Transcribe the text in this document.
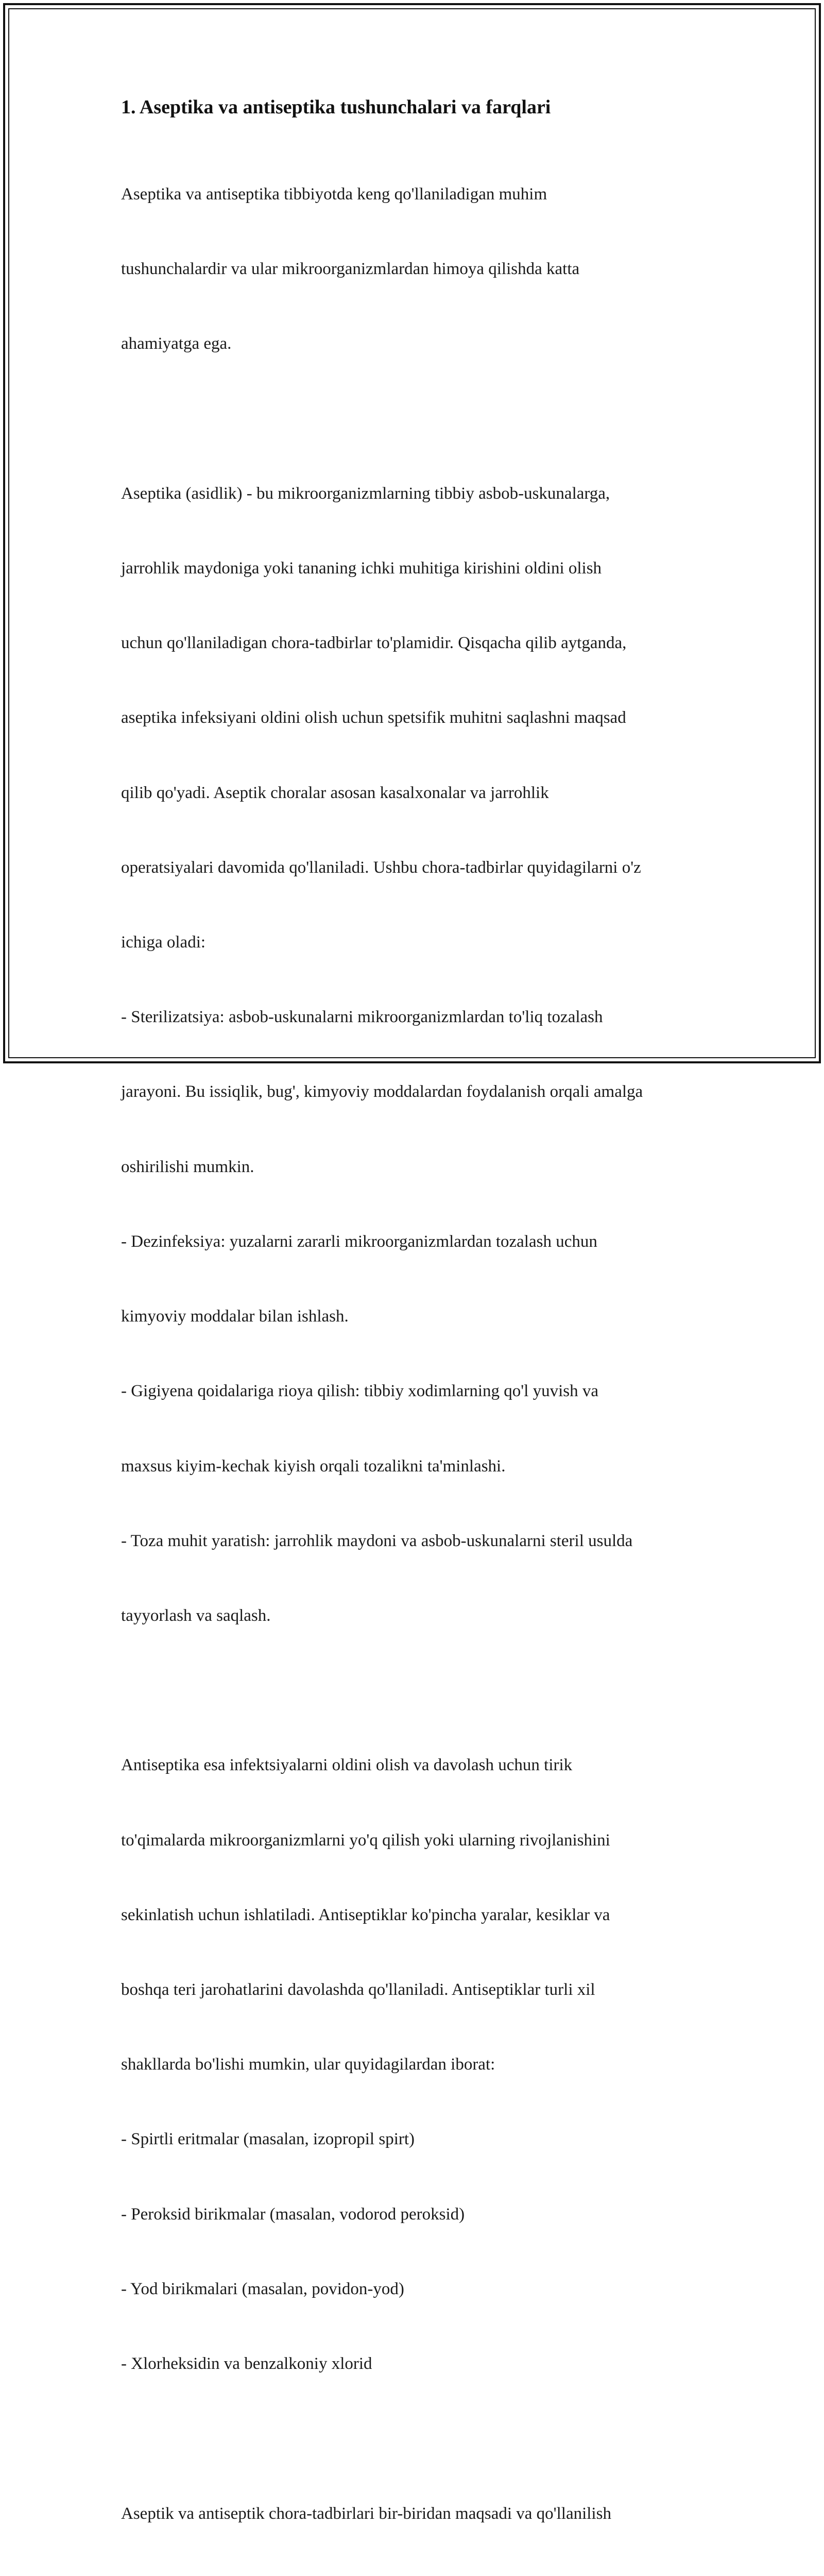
1. Aseptika va antiseptika tushunchalari va farqlari

Aseptika va antiseptika tibbiyotda keng qo'llaniladigan muhim

tushunchalardir va ular mikroorganizmlardan himoya qilishda katta

ahamiyatga ega.

Aseptika (asidlik) - bu mikroorganizmlarning tibbiy asbob-uskunalarga,

jarrohlik maydoniga yoki tananing ichki muhitiga kirishini oldini olish

uchun qo'llaniladigan chora-tadbirlar to'plamidir. Qisqacha qilib aytganda,

aseptika infeksiyani oldini olish uchun spetsifik muhitni saqlashni maqsad

qilib qo'yadi. Aseptik choralar asosan kasalxonalar va jarrohlik

operatsiyalari davomida qo'llaniladi. Ushbu chora-tadbirlar quyidagilarni o'z

ichiga oladi:

- Sterilizatsiya: asbob-uskunalarni mikroorganizmlardan to'liq tozalash

jarayoni. Bu issiqlik, bug', kimyoviy moddalardan foydalanish orqali amalga

oshirilishi mumkin.

- Dezinfeksiya: yuzalarni zararli mikroorganizmlardan tozalash uchun

kimyoviy moddalar bilan ishlash.

- Gigiyena qoidalariga rioya qilish: tibbiy xodimlarning qo'l yuvish va

maxsus kiyim-kechak kiyish orqali tozalikni ta'minlashi.

- Toza muhit yaratish: jarrohlik maydoni va asbob-uskunalarni steril usulda

tayyorlash va saqlash.

Antiseptika esa infektsiyalarni oldini olish va davolash uchun tirik

to'qimalarda mikroorganizmlarni yo'q qilish yoki ularning rivojlanishini

sekinlatish uchun ishlatiladi. Antiseptiklar ko'pincha yaralar, kesiklar va

boshqa teri jarohatlarini davolashda qo'llaniladi. Antiseptiklar turli xil

shakllarda bo'lishi mumkin, ular quyidagilardan iborat:

- Spirtli eritmalar (masalan, izopropil spirt)

- Peroksid birikmalar (masalan, vodorod peroksid)

- Yod birikmalari (masalan, povidon-yod)

- Xlorheksidin va benzalkoniy xlorid

Aseptik va antiseptik chora-tadbirlari bir-biridan maqsadi va qo'llanilish
